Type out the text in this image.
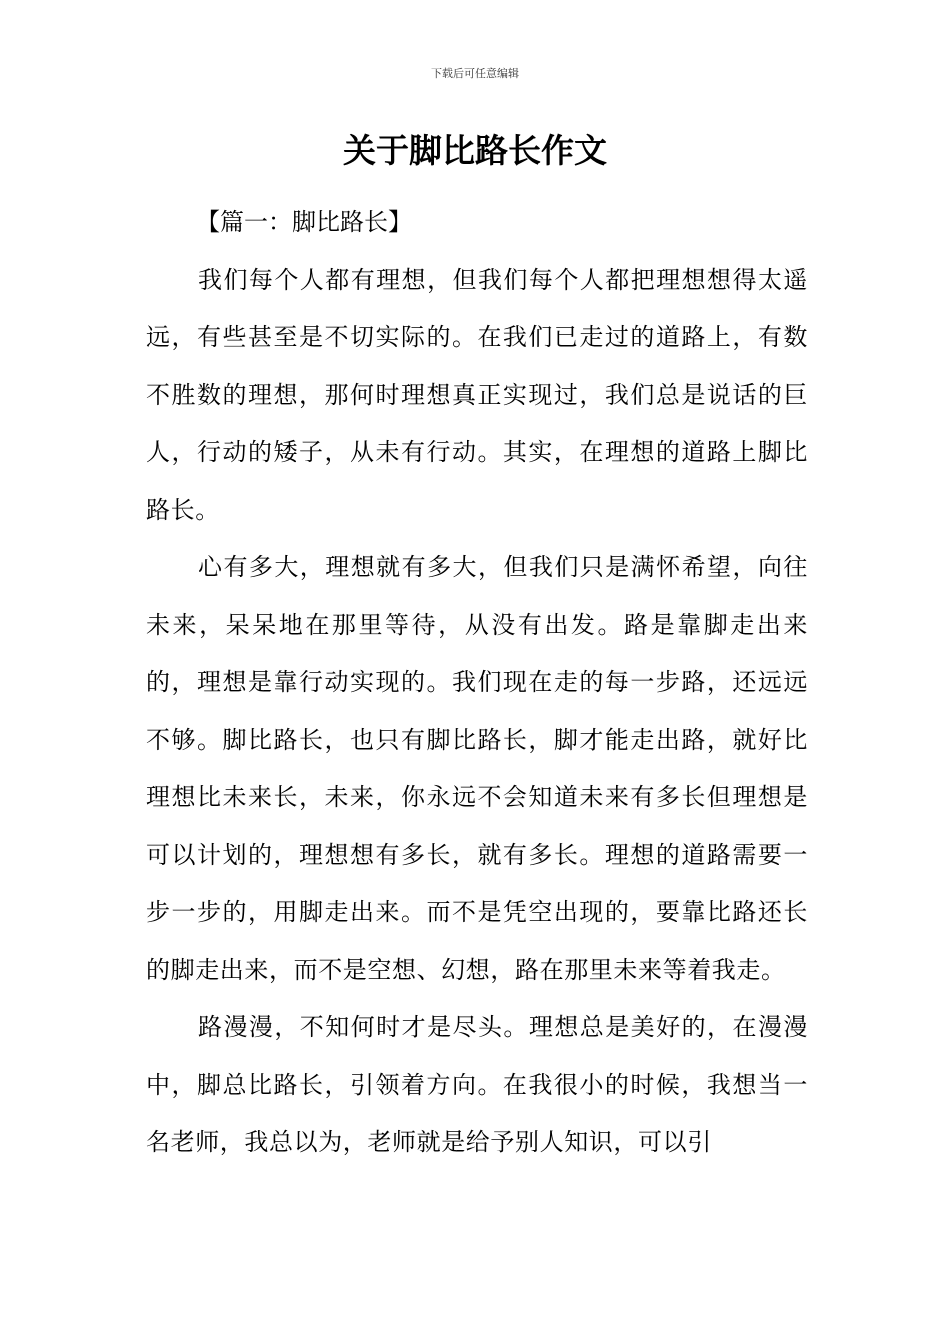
下载后可任意编辑
关于脚比路长作文

【篇一：脚比路长】

我们每个人都有理想，但我们每个人都把理想想得太遥远，有些甚至是不切实际的。在我们已走过的道路上，有数不胜数的理想，那何时理想真正实现过，我们总是说话的巨人，行动的矮子，从未有行动。其实，在理想的道路上脚比路长。

心有多大，理想就有多大，但我们只是满怀希望，向往未来，呆呆地在那里等待，从没有出发。路是靠脚走出来的，理想是靠行动实现的。我们现在走的每一步路，还远远不够。脚比路长，也只有脚比路长，脚才能走出路，就好比理想比未来长，未来，你永远不会知道未来有多长但理想是可以计划的，理想想有多长，就有多长。理想的道路需要一步一步的，用脚走出来。而不是凭空出现的，要靠比路还长的脚走出来，而不是空想、幻想，路在那里未来等着我走。

路漫漫，不知何时才是尽头。理想总是美好的，在漫漫中，脚总比路长，引领着方向。在我很小的时候，我想当一名老师，我总以为，老师就是给予别人知识，可以引
